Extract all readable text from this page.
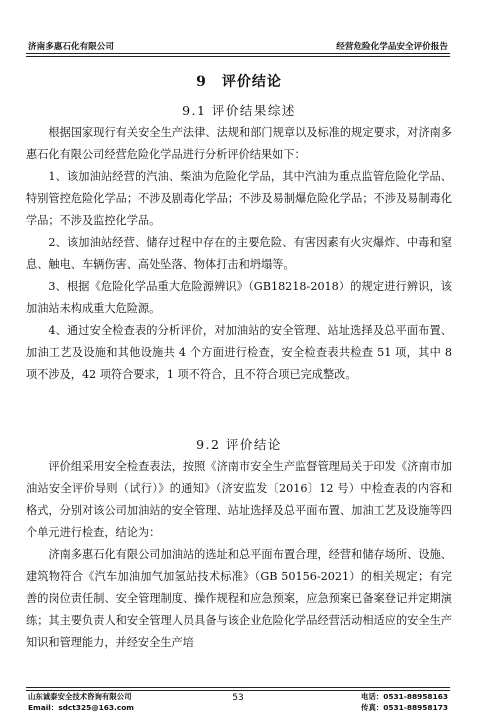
济南多惠石化有限公司	经营危险化学品安全评价报告
9　评价结论
9.1 评价结果综述

根据国家现行有关安全生产法律、法规和部门规章以及标准的规定要求，对济南多惠石化有限公司经营危险化学品进行分析评价结果如下：

1、该加油站经营的汽油、柴油为危险化学品，其中汽油为重点监管危险化学品、特别管控危险化学品；不涉及剧毒化学品；不涉及易制爆危险化学品；不涉及易制毒化学品；不涉及监控化学品。

2、该加油站经营、储存过程中存在的主要危险、有害因素有火灾爆炸、中毒和窒息、触电、车辆伤害、高处坠落、物体打击和坍塌等。

3、根据《危险化学品重大危险源辨识》（GB18218-2018）的规定进行辨识，该加油站未构成重大危险源。

4、通过安全检查表的分析评价，对加油站的安全管理、站址选择及总平面布置、加油工艺及设施和其他设施共 4 个方面进行检查，安全检查表共检查 51 项，其中 8 项不涉及，42 项符合要求，1 项不符合，且不符合项已完成整改。

9.2 评价结论

评价组采用安全检查表法，按照《济南市安全生产监督管理局关于印发《济南市加油站安全评价导则（试行）》的通知》（济安监发〔2016〕12 号）中检查表的内容和格式，分别对该公司加油站的安全管理、站址选择及总平面布置、加油工艺及设施等四个单元进行检查，结论为：

济南多惠石化有限公司加油站的选址和总平面布置合理，经营和储存场所、设施、建筑物符合《汽车加油加气加氢站技术标准》（GB 50156-2021）的相关规定；有完善的岗位责任制、安全管理制度、操作规程和应急预案，应急预案已备案登记并定期演练；其主要负责人和安全管理人员具备与该企业危险化学品经营活动相适应的安全生产知识和管理能力，并经安全生产培

山东诚泰安全技术咨询有限公司
Email：sdct325@163.com
53	电话：0531-88958163
传真：0531-88958173
